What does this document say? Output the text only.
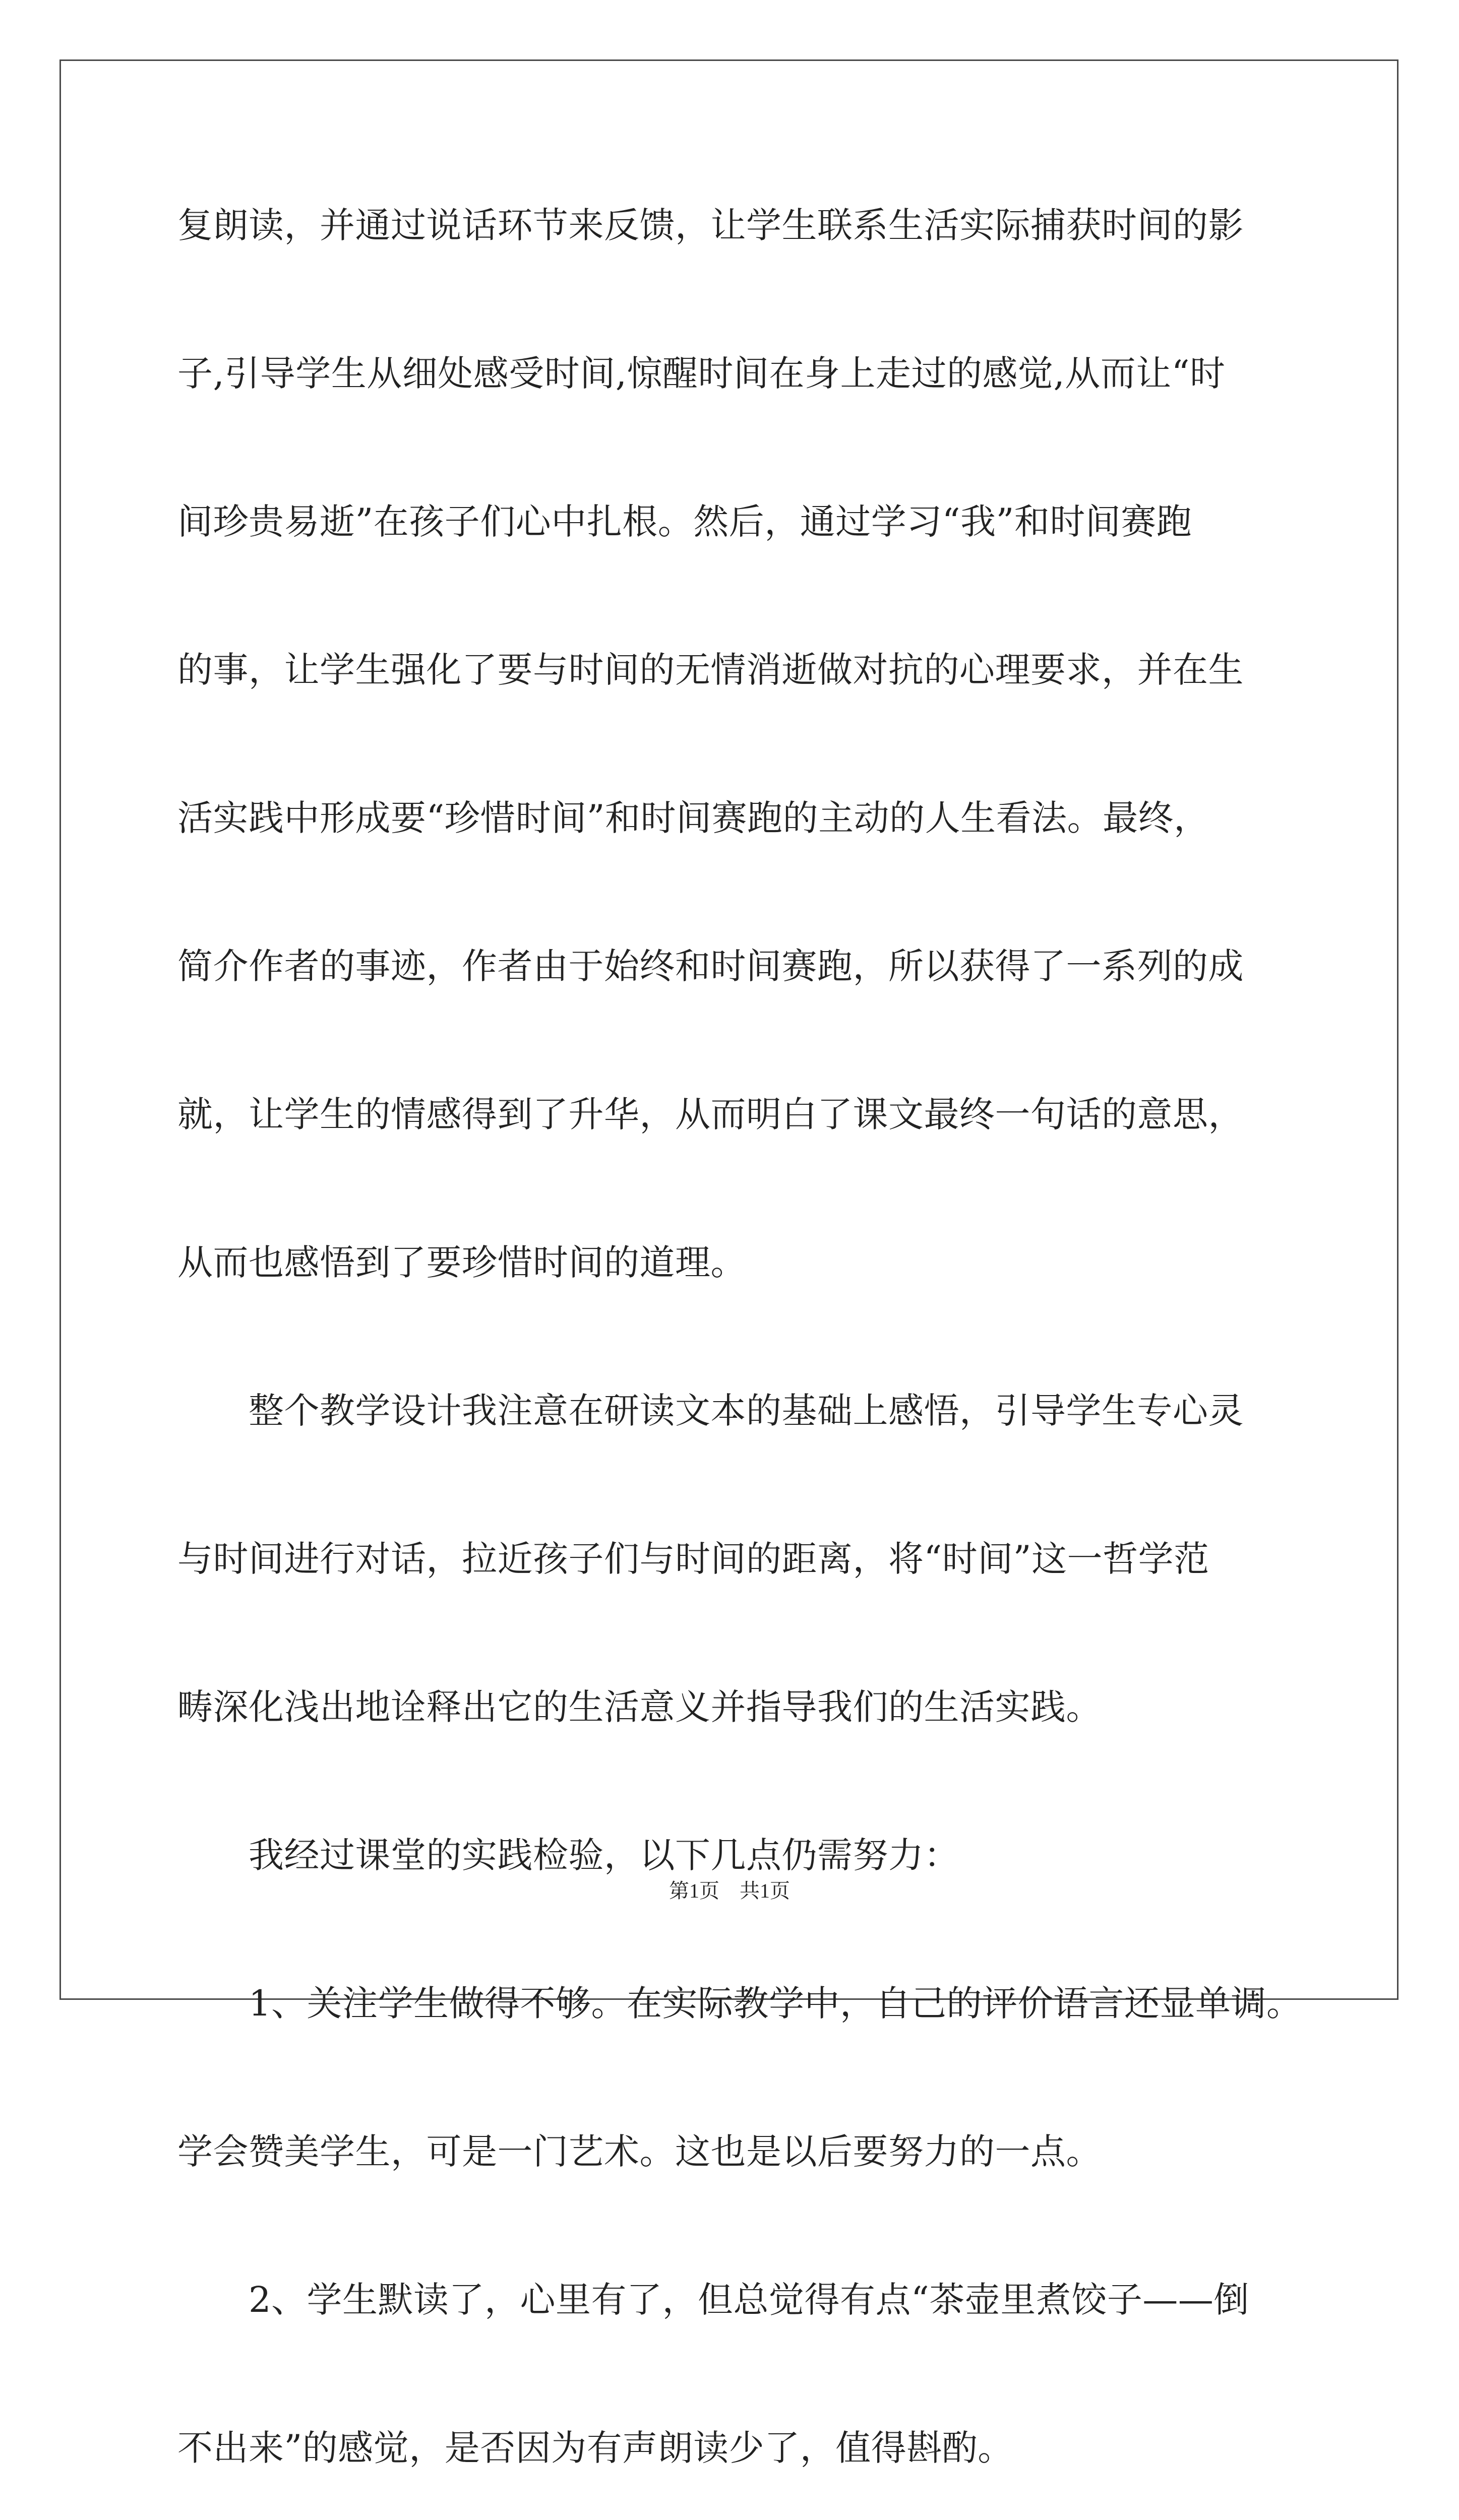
复朗读，并通过说话环节来反馈，让学生联系生活实际捕获时间的影
子,引导学生从细处感受时间,惊醒时间在身上走过的感觉,从而让“时
间珍贵易逝”在孩子们心中扎根。然后，通过学习“我”和时间赛跑
的事，让学生强化了要与时间的无情消逝做对抗的心理要求，并在生
活实践中形成要“珍惜时间”和时间赛跑的主动的人生看法。最终，
简介作者的事迹，作者由于始终和时间赛跑，所以获得了一系列的成
就，让学生的情感得到了升华，从而明白了课文最终一句话的意思，
从而也感悟到了要珍惜时间的道理。
　　整个教学设计我注意在研读文本的基础上感悟，引导学生专心灵
与时间进行对话，拉近孩子们与时间的距离，将“时间”这一哲学范
畴深化浅出地诠释出它的生活意义并指导我们的生活实践。
　　我经过课堂的实践检验，以下几点仍需努力：
　　1、关注学生做得不够。在实际教学中，自己的评价语言还显单调。
学会赞美学生，可是一门艺术。这也是以后要努力的一点。
　　2、学生默读了，心里有了，但总觉得有点“茶壶里煮饺子——倒
不出来”的感觉，是否因为有声朗读少了，值得斟酌。
第1页　共1页
